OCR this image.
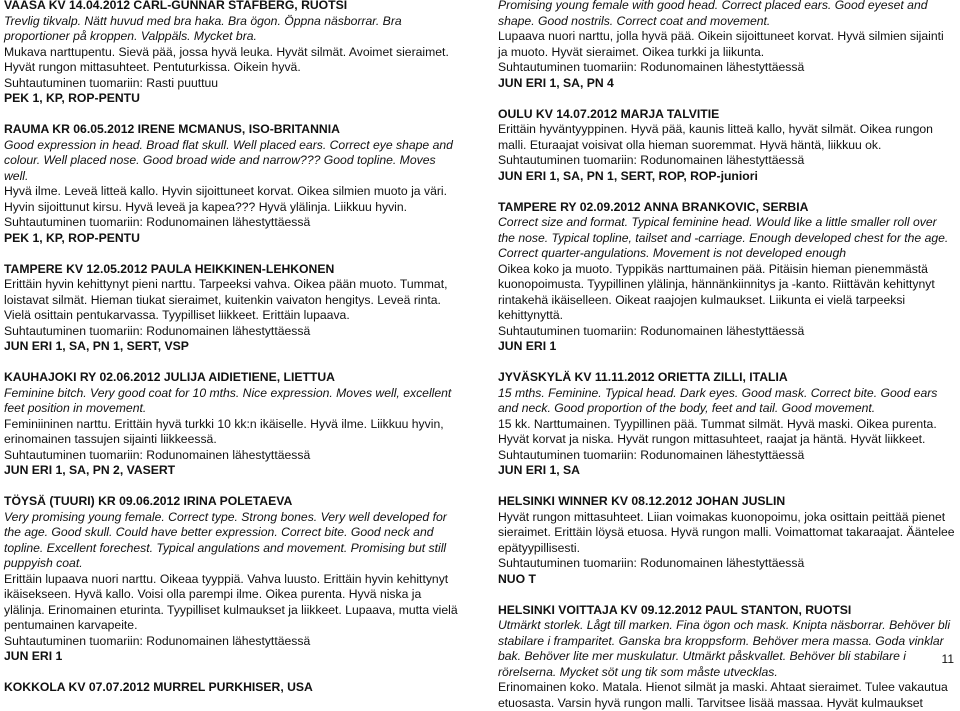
VAASA KV 14.04.2012 CARL-GUNNAR STAFBERG, RUOTSI
Trevlig tikvalp. Nätt huvud med bra haka. Bra ögon. Öppna näsborrar. Bra proportioner på kroppen. Valppäls. Mycket bra.
Mukava narttupentu. Sievä pää, jossa hyvä leuka. Hyvät silmät. Avoimet sieraimet. Hyvät rungon mittasuhteet. Pentuturkissa. Oikein hyvä.
Suhtautuminen tuomariin: Rasti puuttuu
PEK 1, KP, ROP-PENTU
RAUMA KR 06.05.2012 IRENE MCMANUS, ISO-BRITANNIA
Good expression in head. Broad flat skull. Well placed ears. Correct eye shape and colour. Well placed nose. Good broad wide and narrow??? Good topline. Moves well.
Hyvä ilme. Leveä litteä kallo. Hyvin sijoittuneet korvat. Oikea silmien muoto ja väri. Hyvin sijoittunut kirsu. Hyvä leveä ja kapea??? Hyvä ylälinja. Liikkuu hyvin.
Suhtautuminen tuomariin: Rodunomainen lähestyttäessä
PEK 1, KP, ROP-PENTU
TAMPERE KV 12.05.2012 PAULA HEIKKINEN-LEHKONEN
Erittäin hyvin kehittynyt pieni narttu. Tarpeeksi vahva. Oikea pään muoto. Tummat, loistavat silmät. Hieman tiukat sieraimet, kuitenkin vaivaton hengitys. Leveä rinta. Vielä osittain pentukarvassa. Tyypilliset liikkeet. Erittäin lupaava.
Suhtautuminen tuomariin: Rodunomainen lähestyttäessä
JUN ERI 1, SA, PN 1, SERT, VSP
KAUHAJOKI RY 02.06.2012 JULIJA AIDIETIENE, LIETTUA
Feminine bitch. Very good coat for 10 mths. Nice expression. Moves well, excellent feet position in movement.
Feminiininen narttu. Erittäin hyvä turkki 10 kk:n ikäiselle. Hyvä ilme. Liikkuu hyvin, erinomainen tassujen sijainti liikkeessä.
Suhtautuminen tuomariin: Rodunomainen lähestyttäessä
JUN ERI 1, SA, PN 2, VASERT
TÖYSÄ (TUURI) KR 09.06.2012 IRINA POLETAEVA
Very promising young female. Correct type. Strong bones. Very well developed for the age. Good skull. Could have better expression. Correct bite. Good neck and topline. Excellent forechest. Typical angulations and movement. Promising but still puppyish coat.
Erittäin lupaava nuori narttu. Oikeaa tyyppiä. Vahva luusto. Erittäin hyvin kehittynyt ikäisekseen. Hyvä kallo. Voisi olla parempi ilme. Oikea purenta. Hyvä niska ja ylälinja. Erinomainen eturinta. Tyypilliset kulmaukset ja liikkeet. Lupaava, mutta vielä pentumainen karvapeite.
Suhtautuminen tuomariin: Rodunomainen lähestyttäessä
JUN ERI 1
KOKKOLA KV 07.07.2012 MURREL PURKHISER, USA
Promising young female with good head. Correct placed ears. Good eyeset and shape. Good nostrils. Correct coat and movement.
Lupaava nuori narttu, jolla hyvä pää. Oikein sijoittuneet korvat. Hyvä silmien sijainti ja muoto. Hyvät sieraimet. Oikea turkki ja liikunta.
Suhtautuminen tuomariin: Rodunomainen lähestyttäessä
JUN ERI 1, SA, PN 4
OULU KV 14.07.2012 MARJA TALVITIE
Erittäin hyväntyyppinen. Hyvä pää, kaunis litteä kallo, hyvät silmät. Oikea rungon malli. Eturaajat voisivat olla hieman suoremmat. Hyvä häntä, liikkuu ok.
Suhtautuminen tuomariin: Rodunomainen lähestyttäessä
JUN ERI 1, SA, PN 1, SERT, ROP, ROP-juniori
TAMPERE RY 02.09.2012 ANNA BRANKOVIC, SERBIA
Correct size and format. Typical feminine head. Would like a little smaller roll over the nose. Typical topline, tailset and -carriage. Enough developed chest for the age. Correct quarter-angulations. Movement is not developed enough
Oikea koko ja muoto. Typpikäs narttumainen pää. Pitäisin hieman pienemmästä kuonopoimusta. Tyypillinen ylälinja, hännänkiinnitys ja -kanto. Riittävän kehittynyt rintakehä ikäiselleen. Oikeat raajojen kulmaukset. Liikunta ei vielä tarpeeksi kehittynyttä.
Suhtautuminen tuomariin: Rodunomainen lähestyttäessä
JUN ERI 1
JYVÄSKYLÄ KV 11.11.2012 ORIETTA ZILLI, ITALIA
15 mths. Feminine. Typical head. Dark eyes. Good mask. Correct bite. Good ears and neck. Good proportion of the body, feet and tail. Good movement.
15 kk. Narttumainen. Tyypillinen pää. Tummat silmät. Hyvä maski. Oikea purenta. Hyvät korvat ja niska. Hyvät rungon mittasuhteet, raajat ja häntä. Hyvät liikkeet.
Suhtautuminen tuomariin: Rodunomainen lähestyttäessä
JUN ERI 1, SA
HELSINKI WINNER KV 08.12.2012 JOHAN JUSLIN
Hyvät rungon mittasuhteet. Liian voimakas kuonopoimu, joka osittain peittää pienet sieraimet. Erittäin löysä etuosa. Hyvä rungon malli. Voimattomat takaraajat. Ääntelee epätyypillisesti.
Suhtautuminen tuomariin: Rodunomainen lähestyttäessä
NUO T
HELSINKI VOITTAJA KV 09.12.2012 PAUL STANTON, RUOTSI
Utmärkt storlek. Lågt till marken. Fina ögon och mask. Knipta näsborrar. Behöver bli stabilare i framparitet. Ganska bra kroppsform. Behöver mera massa. Goda vinklar bak. Behöver lite mer muskulatur. Utmärkt påskvallet. Behöver bli stabilare i rörelserna. Mycket söt ung tik som måste utvecklas.
Erinomainen koko. Matala. Hienot silmät ja maski. Ahtaat sieraimet. Tulee vakautua etuosasta. Varsin hyvä rungon malli. Tarvitsee lisää massaa. Hyvät kulmaukset
11
